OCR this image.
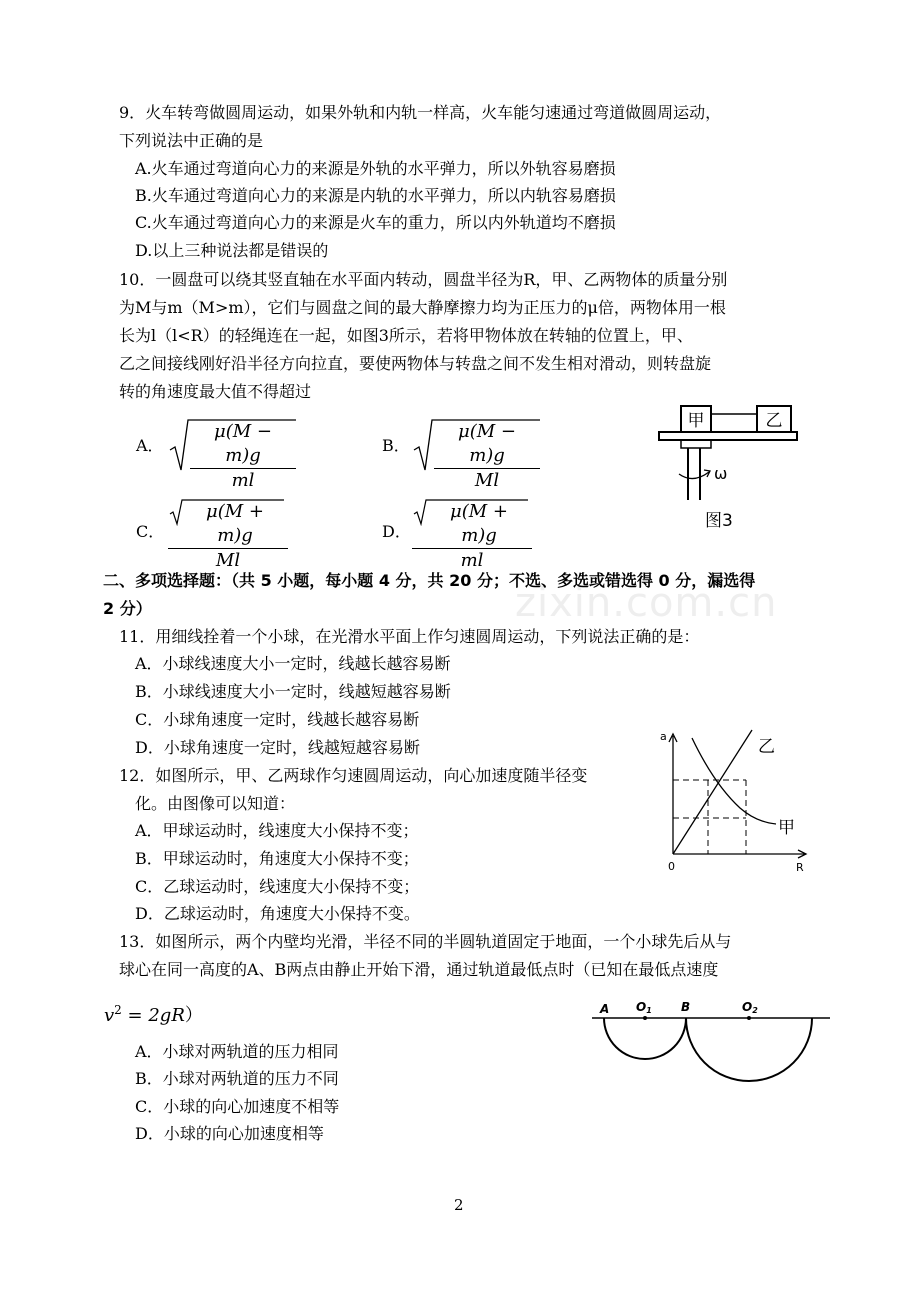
zixin.com.cn
9．火车转弯做圆周运动，如果外轨和内轨一样高，火车能匀速通过弯道做圆周运动，
下列说法中正确的是
A.火车通过弯道向心力的来源是外轨的水平弹力，所以外轨容易磨损
B.火车通过弯道向心力的来源是内轨的水平弹力，所以内轨容易磨损
C.火车通过弯道向心力的来源是火车的重力，所以内外轨道均不磨损
D.以上三种说法都是错误的
10．一圆盘可以绕其竖直轴在水平面内转动，圆盘半径为R，甲、乙两物体的质量分别
为M与m（M>m），它们与圆盘之间的最大静摩擦力均为正压力的μ倍，两物体用一根
长为l（l<R）的轻绳连在一起，如图3所示，若将甲物体放在转轴的位置上，甲、
乙之间接线刚好沿半径方向拉直，要使两物体与转盘之间不发生相对滑动，则转盘旋
转的角速度最大值不得超过
A． $\frac{\mu(M - m)g}{ml}$	B． $\frac{\mu(M - m)g}{Ml}$
C． $\frac{\mu(M + m)g}{Ml}$	D． $\frac{\mu(M + m)g}{ml}$
甲	乙
ω
图3
二、多项选择题：（共 5 小题，每小题 4 分，共 20 分；不选、多选或错选得 0 分，漏选得
2 分）
11．用细线拴着一个小球，在光滑水平面上作匀速圆周运动，下列说法正确的是：
A．小球线速度大小一定时，线越长越容易断
B．小球线速度大小一定时，线越短越容易断
C．小球角速度一定时，线越长越容易断
D．小球角速度一定时，线越短越容易断
12．如图所示，甲、乙两球作匀速圆周运动，向心加速度随半径变
化。由图像可以知道：
A．甲球运动时，线速度大小保持不变；
B．甲球运动时，角速度大小保持不变；
C．乙球运动时，线速度大小保持不变；
D．乙球运动时，角速度大小保持不变。
a
R
0
乙
甲
13．如图所示，两个内壁均光滑，半径不同的半圆轨道固定于地面，一个小球先后从与
球心在同一高度的A、B两点由静止开始下滑，通过轨道最低点时（已知在最低点速度
$v^2 = 2gR$）
A．小球对两轨道的压力相同
B．小球对两轨道的压力不同
C．小球的向心加速度不相等
D．小球的向心加速度相等
A O1 B	O2
2
